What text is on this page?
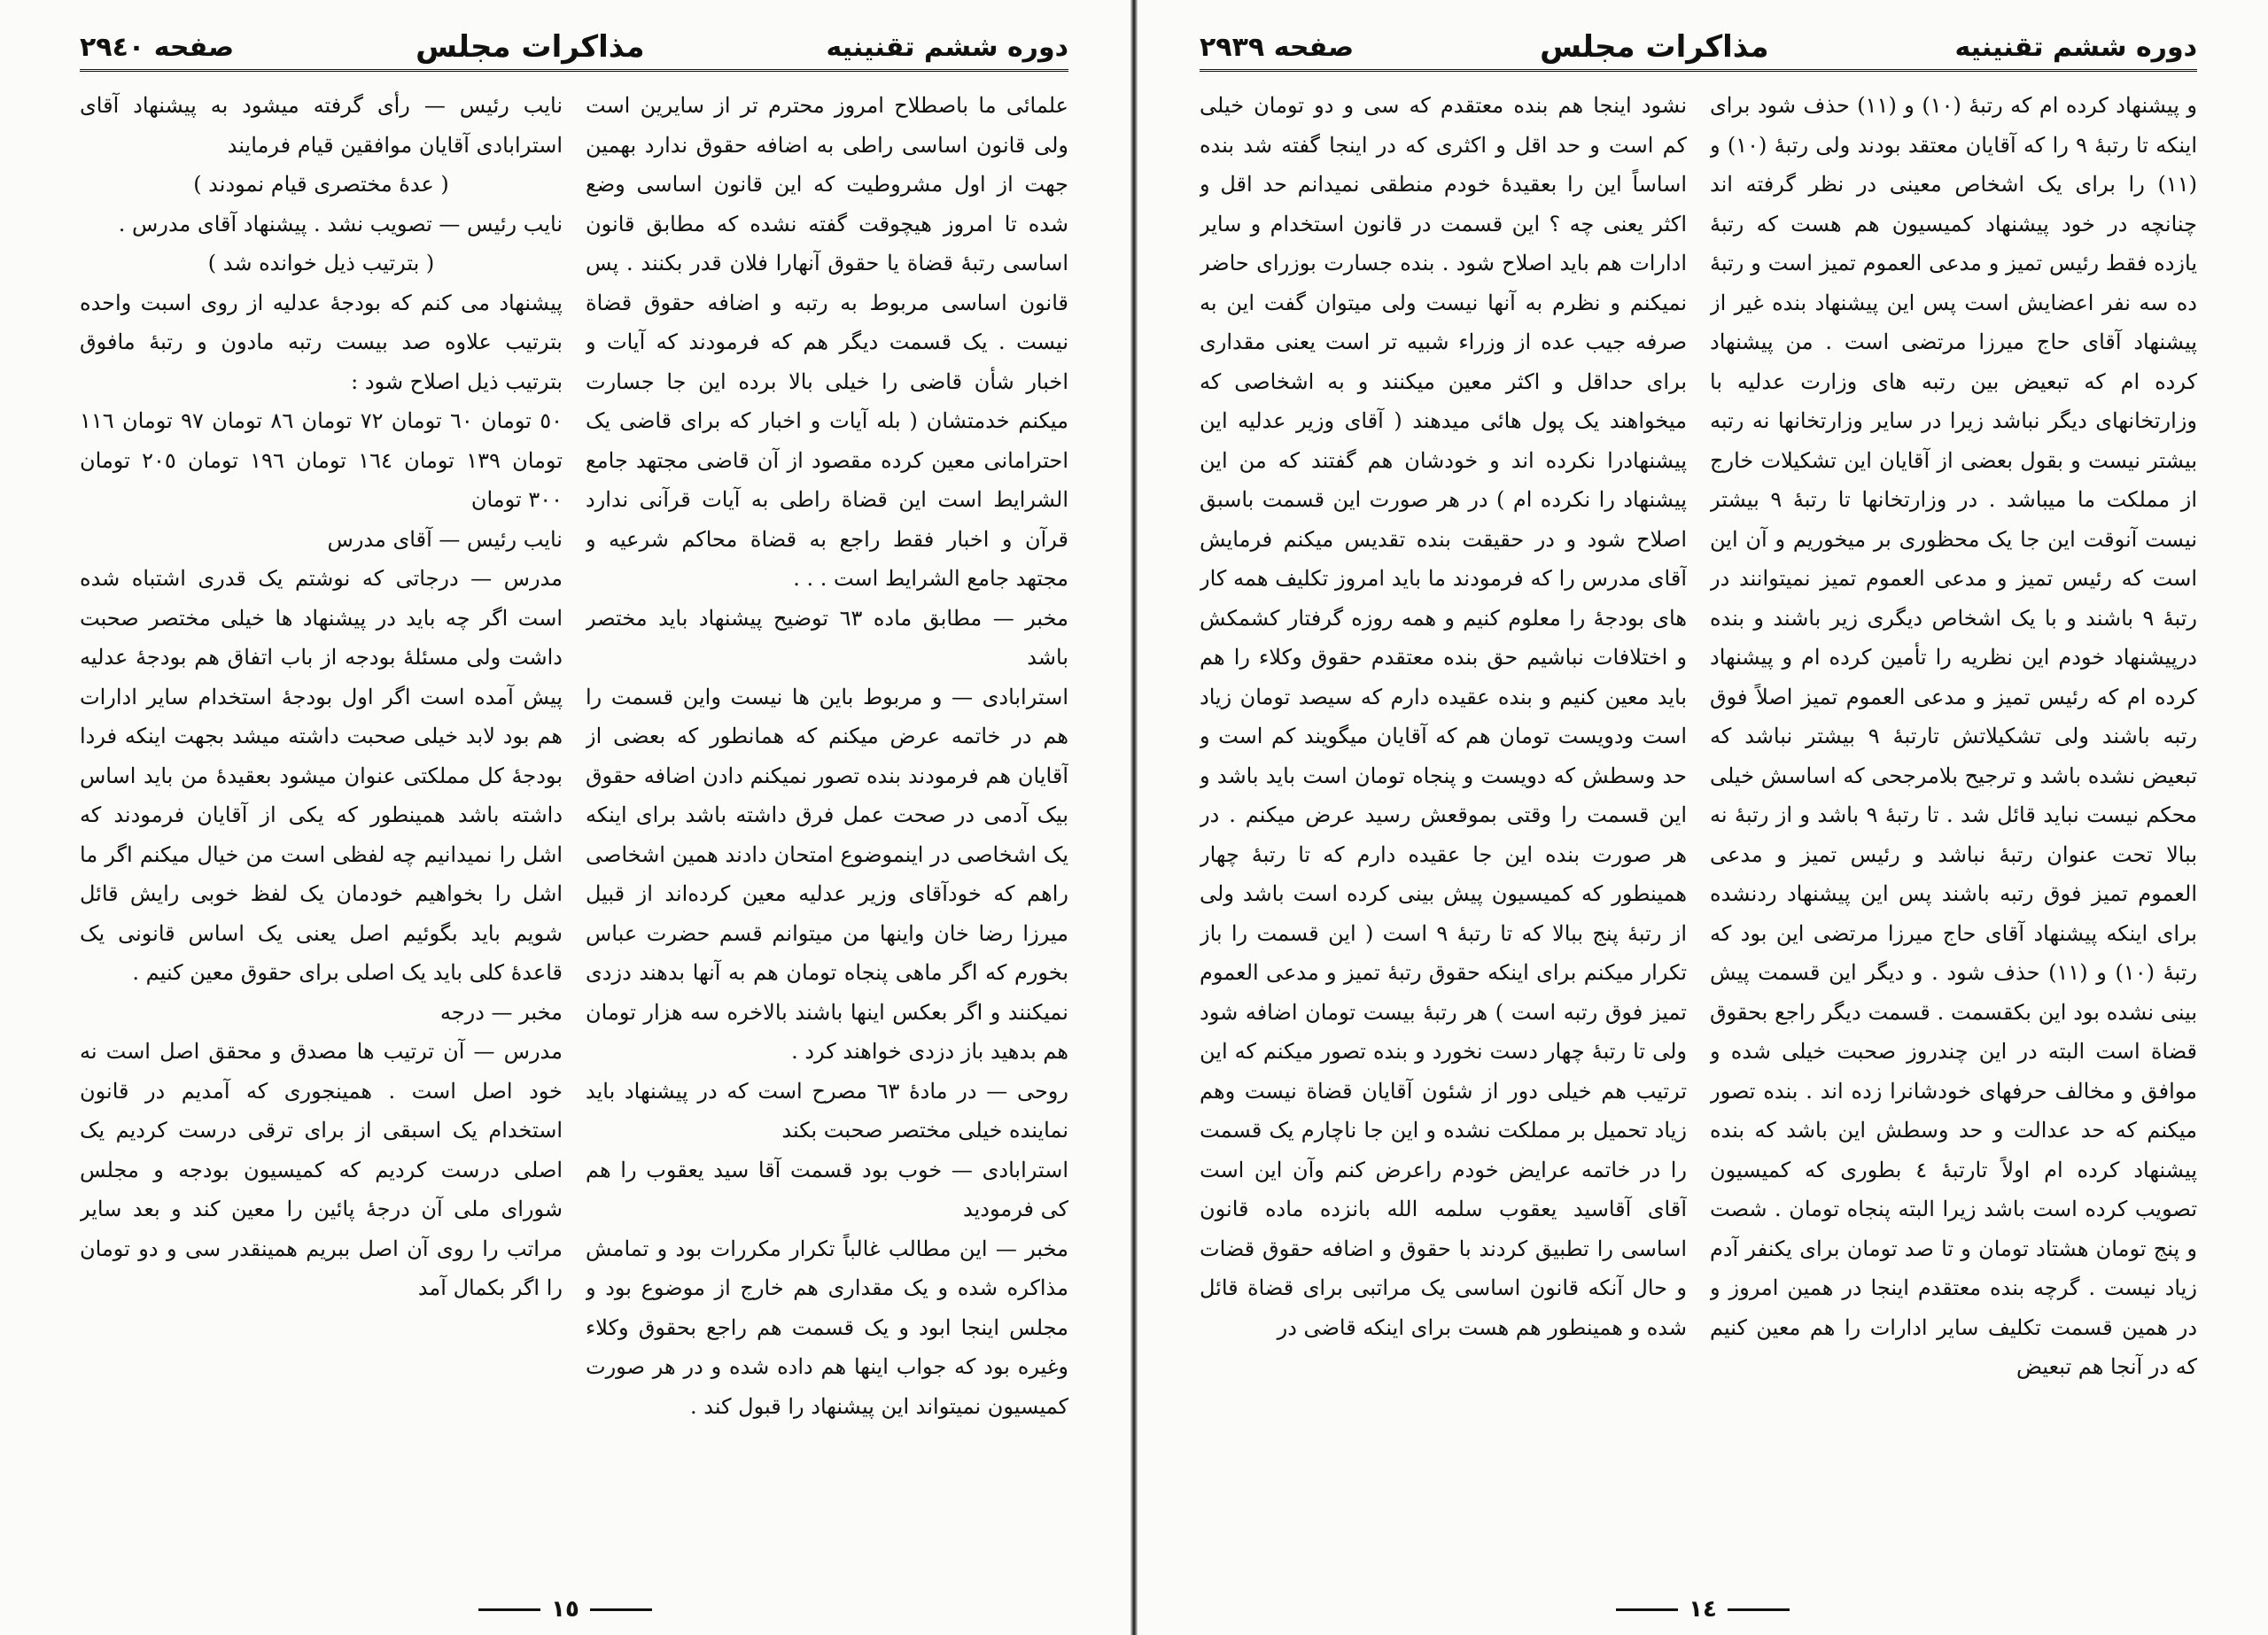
دوره ششم تقنینیه
مذاکرات مجلس
صفحه ٢٩٤٠

علمائی ما باصطلاح امروز محترم تر از سایرین است ولی قانون اساسی راطی به اضافه حقوق ندارد بهمین جهت از اول مشروطیت که این قانون اساسی وضع شده تا امروز هیچوقت گفته نشده که مطابق قانون اساسی رتبهٔ قضاة یا حقوق آنهارا فلان قدر بکنند . پس قانون اساسی مربوط به رتبه و اضافه حقوق قضاة نیست . یک قسمت دیگر هم که فرمودند که آیات و اخبار شأن قاضی را خیلی بالا برده این جا جسارت میکنم خدمتشان ( بله آیات و اخبار که برای قاضی یک احترامانی معین کرده مقصود از آن قاضی مجتهد جامع الشرایط است این قضاة راطی به آیات قرآنی ندارد قرآن و اخبار فقط راجع به قضاة محاکم شرعیه و مجتهد جامع الشرایط است . . .

مخبر — مطابق ماده ٦٣ توضیح پیشنهاد باید مختصر باشد

استرابادی — و مربوط باین ها نیست واین قسمت را هم در خاتمه عرض میکنم که همانطور که بعضی از آقایان هم فرمودند بنده تصور نمیکنم دادن اضافه حقوق بیک آدمی در صحت عمل فرق داشته باشد برای اینکه یک اشخاصی در اینموضوع امتحان دادند همین اشخاصی راهم که خودآقای وزیر عدلیه معین کرده‌اند از قبیل میرزا رضا خان واینها من میتوانم قسم حضرت عباس بخورم که اگر ماهی پنجاه تومان هم به آنها بدهند دزدی نمیکنند و اگر بعکس اینها باشند بالاخره سه هزار تومان هم بدهید باز دزدی خواهند کرد .

روحی — در مادهٔ ٦٣ مصرح است که در پیشنهاد باید نماینده خیلی مختصر صحبت بکند

استرابادی — خوب بود قسمت آقا سید یعقوب را هم کی فرمودید

مخبر — این مطالب غالباً تکرار مکررات بود و تمامش مذاکره شده و یک مقداری هم خارج از موضوع بود و مجلس اینجا ابود و یک قسمت هم راجع بحقوق وکلاء وغیره بود که جواب اینها هم داده شده و در هر صورت کمیسیون نمیتواند این پیشنهاد را قبول کند .

نایب رئیس — رأی گرفته میشود به پیشنهاد آقای استرابادی آقایان موافقین قیام فرمایند

( عدهٔ مختصری قیام نمودند )

نایب رئیس — تصویب نشد . پیشنهاد آقای مدرس .

( بترتیب ذیل خوانده شد )

پیشنهاد می کنم که بودجهٔ عدلیه از روی اسبت واحده بترتیب علاوه صد بیست رتبه مادون و رتبهٔ مافوق بترتیب ذیل اصلاح شود :

٥٠ تومان ٦٠ تومان ٧٢ تومان ٨٦ تومان ٩٧ تومان ١١٦ تومان ١٣٩ تومان ١٦٤ تومان ١٩٦ تومان ٢٠٥ تومان ٣٠٠ تومان

نایب رئیس — آقای مدرس

مدرس — درجاتی که نوشتم یک قدری اشتباه شده است اگر چه باید در پیشنهاد ها خیلی مختصر صحبت داشت ولی مسئلهٔ بودجه از باب اتفاق هم بودجهٔ عدلیه پیش آمده است اگر اول بودجهٔ استخدام سایر ادارات هم بود لابد خیلی صحبت داشته میشد بجهت اینکه فردا بودجهٔ کل مملکتی عنوان میشود بعقیدهٔ من باید اساس داشته باشد همینطور که یکی از آقایان فرمودند که اشل را نمیدانیم چه لفظی است من خیال میکنم اگر ما اشل را بخواهیم خودمان یک لفظ خوبی رایش قائل شویم باید بگوئیم اصل یعنی یک اساس قانونی یک قاعدهٔ کلی باید یک اصلی برای حقوق معین کنیم .

مخبر — درجه

مدرس — آن ترتیب ها مصدق و محقق اصل است نه خود اصل است . همینجوری که آمدیم در قانون استخدام یک اسبقی از برای ترقی درست کردیم یک اصلی درست کردیم که کمیسیون بودجه و مجلس شورای ملی آن درجهٔ پائین را معین کند و بعد سایر مراتب را روی آن اصل ببریم همینقدر سی و دو تومان را اگر بکمال آمد

١٥
دوره ششم تقنینیه
مذاکرات مجلس
صفحه ٢٩٣٩

و پیشنهاد کرده ام که رتبهٔ (١٠) و (١١) حذف شود برای اینکه تا رتبهٔ ٩ را که آقایان معتقد بودند ولی رتبهٔ (١٠) و (١١) را برای یک اشخاص معینی در نظر گرفته اند چنانچه در خود پیشنهاد کمیسیون هم هست که رتبهٔ یازده فقط رئیس تمیز و مدعی العموم تمیز است و رتبهٔ ده سه نفر اعضایش است پس این پیشنهاد بنده غیر از پیشنهاد آقای حاج میرزا مرتضی است . من پیشنهاد کرده ام که تبعیض بین رتبه های وزارت عدلیه با وزارتخانهای دیگر نباشد زیرا در سایر وزارتخانها نه رتبه بیشتر نیست و بقول بعضی از آقایان این تشکیلات خارج از مملکت ما میباشد . در وزارتخانها تا رتبهٔ ٩ بیشتر نیست آنوقت این جا یک محظوری بر میخوریم و آن این است که رئیس تمیز و مدعی العموم تمیز نمیتوانند در رتبهٔ ٩ باشند و با یک اشخاص دیگری زیر باشند و بنده درپیشنهاد خودم این نظریه را تأمین کرده ام و پیشنهاد کرده ام که رئیس تمیز و مدعی العموم تمیز اصلاً فوق رتبه باشند ولی تشکیلاتش تارتبهٔ ٩ بیشتر نباشد که تبعیض نشده باشد و ترجیح بلامرجحی که اساسش خیلی محکم نیست نباید قائل شد . تا رتبهٔ ٩ باشد و از رتبهٔ نه ببالا تحت عنوان رتبهٔ نباشد و رئیس تمیز و مدعی العموم تمیز فوق رتبه باشند پس این پیشنهاد ردنشده برای اینکه پیشنهاد آقای حاج میرزا مرتضی این بود که رتبهٔ (١٠) و (١١) حذف شود . و دیگر این قسمت پیش بینی نشده بود این بکقسمت . قسمت دیگر راجع بحقوق قضاة است البته در این چندروز صحبت خیلی شده و موافق و مخالف حرفهای خودشانرا زده اند . بنده تصور میکنم که حد عدالت و حد وسطش این باشد که بنده پیشنهاد کرده ام اولاً تارتبهٔ ٤ بطوری که کمیسیون تصویب کرده است باشد زیرا البته پنجاه تومان . شصت و پنج تومان هشتاد تومان و تا صد تومان برای یکنفر آدم زیاد نیست . گرچه بنده معتقدم اینجا در همین امروز و در همین قسمت تکلیف سایر ادارات را هم معین کنیم که در آنجا هم تبعیض

نشود اینجا هم بنده معتقدم که سی و دو تومان خیلی کم است و حد اقل و اکثری که در اینجا گفته شد بنده اساساً این را بعقیدهٔ خودم منطقی نمیدانم حد اقل و اکثر یعنی چه ؟ این قسمت در قانون استخدام و سایر ادارات هم باید اصلاح شود . بنده جسارت بوزرای حاضر نمیکنم و نظرم به آنها نیست ولی میتوان گفت این به صرفه جیب عده از وزراء شبیه تر است یعنی مقداری برای حداقل و اکثر معین میکنند و به اشخاصی که میخواهند یک پول هائی میدهند ( آقای وزیر عدلیه این پیشنهادرا نکرده اند و خودشان هم گفتند که من این پیشنهاد را نکرده ام ) در هر صورت این قسمت باسبق اصلاح شود و در حقیقت بنده تقدیس میکنم فرمایش آقای مدرس را که فرمودند ما باید امروز تکلیف همه کار های بودجهٔ را معلوم کنیم و همه روزه گرفتار کشمکش و اختلافات نباشیم حق بنده معتقدم حقوق وکلاء را هم باید معین کنیم و بنده عقیده دارم که سیصد تومان زیاد است ودویست تومان هم که آقایان میگویند کم است و حد وسطش که دویست و پنجاه تومان است باید باشد و این قسمت را وقتی بموقعش رسید عرض میکنم . در هر صورت بنده این جا عقیده دارم که تا رتبهٔ چهار همینطور که کمیسیون پیش بینی کرده است باشد ولی از رتبهٔ پنج ببالا که تا رتبهٔ ٩ است ( این قسمت را باز تکرار میکنم برای اینکه حقوق رتبهٔ تمیز و مدعی العموم تمیز فوق رتبه است ) هر رتبهٔ بیست تومان اضافه شود ولی تا رتبهٔ چهار دست نخورد و بنده تصور میکنم که این ترتیب هم خیلی دور از شئون آقایان قضاة نیست وهم زیاد تحمیل بر مملکت نشده و این جا ناچارم یک قسمت را در خاتمه عرایض خودم راعرض کنم وآن این است آقای آقاسید یعقوب سلمه الله بانزده ماده قانون اساسی را تطبیق کردند با حقوق و اضافه حقوق قضات و حال آنکه قانون اساسی یک مراتبی برای قضاة قائل شده و همینطور هم هست برای اینکه قاضی در

١٤
